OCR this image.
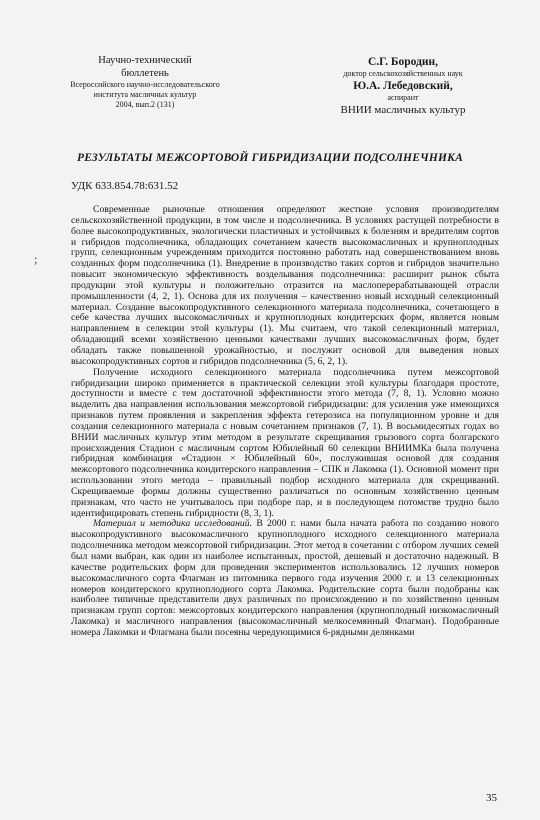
Научно-технический
бюллетень
Всероссийского научно-исследовательского
института масличных культур
2004, вып.2 (131)
С.Г. Бородин,
доктор сельскохозяйственных наук
Ю.А. Лебедовский,
аспирант
ВНИИ масличных культур
РЕЗУЛЬТАТЫ МЕЖСОРТОВОЙ ГИБРИДИЗАЦИИ ПОДСОЛНЕЧНИКА
УДК 633.854.78:631.52
;

Современные рыночные отношения определяют жесткие условия производителям сельскохозяйственной продукции, в том числе и подсолнечника. В условиях растущей потребности в более высокопродуктивных, экологически пластичных и устойчивых к болезням и вредителям сортов и гибридов подсолнечника, обладающих сочетанием качеств высокомасличных и крупноплодных групп, селекционным учреждениям приходится постоянно работать над совершенствованием вновь созданных форм подсолнечника (1). Внедрение в производство таких сортов и гибридов значительно повысит экономическую эффективность возделывания подсолнечника: расширит рынок сбыта продукции этой культуры и положительно отразится на маслоперерабатывающей отрасли промышленности (4, 2, 1). Основа для их получения – качественно новый исходный селекционный материал. Создание высокопродуктивного селекционного материала подсолнечника, сочетающего в себе качества лучших высокомасличных и крупноплодных кондитерских форм, является новым направлением в селекции этой культуры (1). Мы считаем, что такой селекционный материал, обладающий всеми хозяйственно ценными качествами лучших высокомасличных форм, будет обладать также повышенной урожайностью, и послужит основой для выведения новых высокопродуктивных сортов и гибридов подсолнечника (5, 6, 2, 1).

Получение исходного селекционного материала подсолнечника путем межсортовой гибридизации широко применяется в практической селекции этой культуры благодаря простоте, доступности и вместе с тем достаточной эффективности этого метода (7, 8, 1). Условно можно выделить два направления использования межсортовой гибридизации: для усиления уже имеющихся признаков путем проявления и закрепления эффекта гетерозиса на популяционном уровне и для создания селекционного материала с новым сочетанием признаков (7, 1). В восьмидесятых годах во ВНИИ масличных культур этим методом в результате скрещивания грызового сорта болгарского происхождения Стадион с масличным сортом Юбилейный 60 селекции ВНИИМКа была получена гибридная комбинация «Стадион × Юбилейный 60», послужившая основой для создания межсортового подсолнечника кондитерского направления – СПК и Лакомка (1). Основной момент при использовании этого метода – правильный подбор исходного материала для скрещиваний. Скрещиваемые формы должны существенно различаться по основным хозяйственно ценным признакам, что часто не учитывалось при подборе пар, и в последующем потомстве трудно было идентифицировать степень гибридности (8, 3, 1).

Материал и методика исследований. В 2000 г. нами была начата работа по созданию нового высокопродуктивного высокомасличного крупноплодного исходного селекционного материала подсолнечника методом межсортовой гибридизации. Этот метод в сочетании с отбором лучших семей был нами выбран, как один из наиболее испытанных, простой, дешевый и достаточно надежный. В качестве родительских форм для проведения экспериментов использовались 12 лучших номеров высокомасличного сорта Флагман из питомника первого года изучения 2000 г. и 13 селекционных номеров кондитерского крупноплодного сорта Лакомка. Родительские сорта были подобраны как наиболее типичные представители двух различных по происхождению и по хозяйственно ценным признакам групп сортов: межсортовых кондитерского направления (крупноплодный низкомасличный Лакомка) и масличного направления (высокомасличный мелкосемянный Флагман). Подобранные номера Лакомки и Флагмана были посеяны чередующимися 6-рядными делянками

35
